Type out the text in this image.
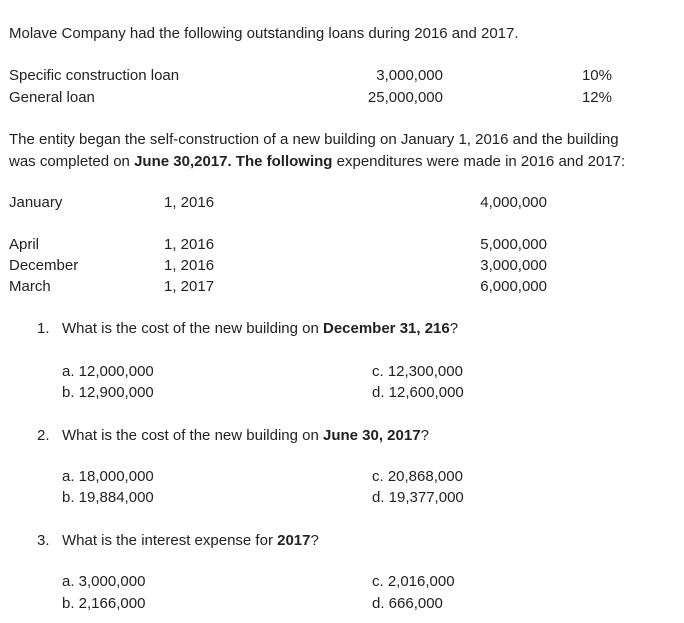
Molave Company had the following outstanding loans during 2016 and 2017.
Specific construction loan	3,000,000	10%
General loan	25,000,000	12%
The entity began the self-construction of a new building on January 1, 2016 and the building
was completed on June 30,2017. The following expenditures were made in 2016 and 2017:
January	1, 2016	4,000,000
April	1, 2016	5,000,000
December	1, 2016	3,000,000
March	1, 2017	6,000,000
1. What is the cost of the new building on December 31, 216?
a. 12,000,000
b. 12,900,000
c. 12,300,000
d. 12,600,000
2. What is the cost of the new building on June 30, 2017?
a. 18,000,000
b. 19,884,000
c. 20,868,000
d. 19,377,000
3. What is the interest expense for 2017?
a. 3,000,000
b. 2,166,000
c. 2,016,000
d. 666,000
